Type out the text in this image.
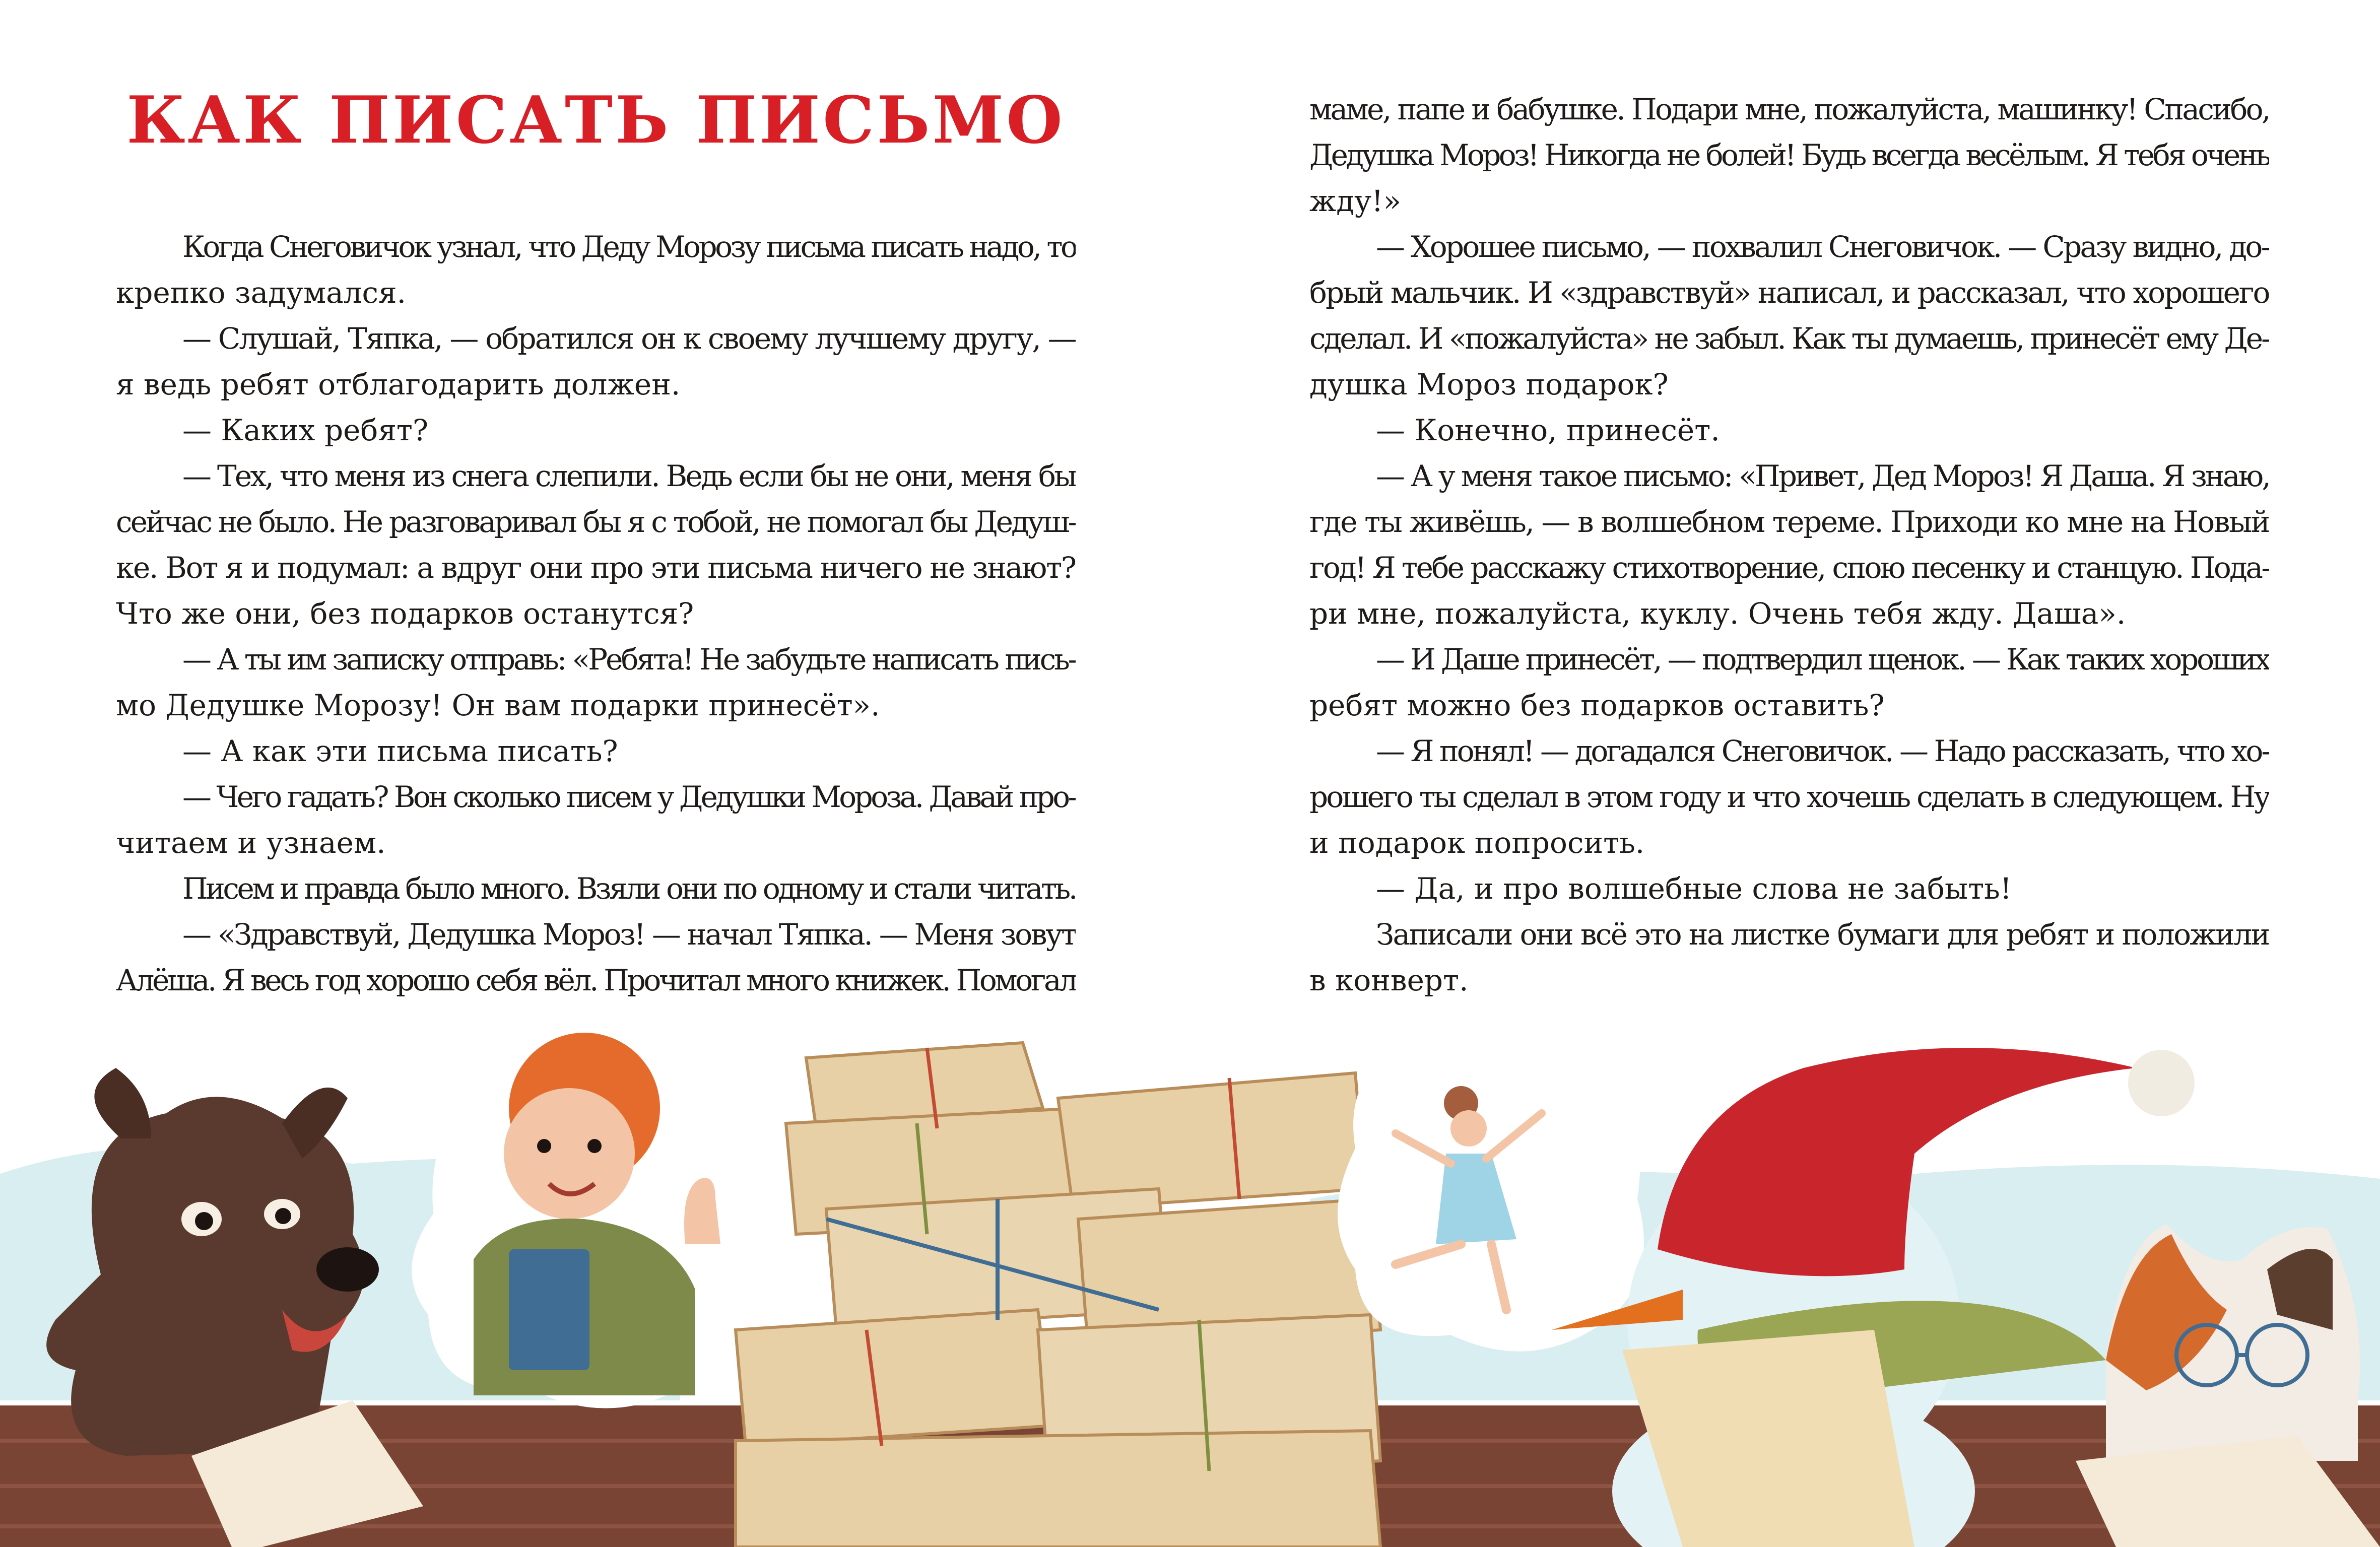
КАК ПИСАТЬ ПИСЬМО
Когда Снеговичок узнал, что Деду Морозу письма писать надо, то
крепко задумался.
— Слушай, Тяпка, — обратился он к своему лучшему другу, —
я ведь ребят отблагодарить должен.
— Каких ребят?
— Тех, что меня из снега слепили. Ведь если бы не они, меня бы
сейчас не было. Не разговаривал бы я с тобой, не помогал бы Дедуш-
ке. Вот я и подумал: а вдруг они про эти письма ничего не знают?
Что же они, без подарков останутся?
— А ты им записку отправь: «Ребята! Не забудьте написать пись-
мо Дедушке Морозу! Он вам подарки принесёт».
— А как эти письма писать?
— Чего гадать? Вон сколько писем у Дедушки Мороза. Давай про-
читаем и узнаем.
Писем и правда было много. Взяли они по одному и стали читать.
— «Здравствуй, Дедушка Мороз! — начал Тяпка. — Меня зовут
Алёша. Я весь год хорошо себя вёл. Прочитал много книжек. Помогал
маме, папе и бабушке. Подари мне, пожалуйста, машинку! Спасибо,
Дедушка Мороз! Никогда не болей! Будь всегда весёлым. Я тебя очень
жду!»
— Хорошее письмо, — похвалил Снеговичок. — Сразу видно, до-
брый мальчик. И «здравствуй» написал, и рассказал, что хорошего
сделал. И «пожалуйста» не забыл. Как ты думаешь, принесёт ему Де-
душка Мороз подарок?
— Конечно, принесёт.
— А у меня такое письмо: «Привет, Дед Мороз! Я Даша. Я знаю,
где ты живёшь, — в волшебном тереме. Приходи ко мне на Новый
год! Я тебе расскажу стихотворение, спою песенку и станцую. Пода-
ри мне, пожалуйста, куклу. Очень тебя жду. Даша».
— И Даше принесёт, — подтвердил щенок. — Как таких хороших
ребят можно без подарков оставить?
— Я понял! — догадался Снеговичок. — Надо рассказать, что хо-
рошего ты сделал в этом году и что хочешь сделать в следующем. Ну
и подарок попросить.
— Да, и про волшебные слова не забыть!
Записали они всё это на листке бумаги для ребят и положили
в конверт.
